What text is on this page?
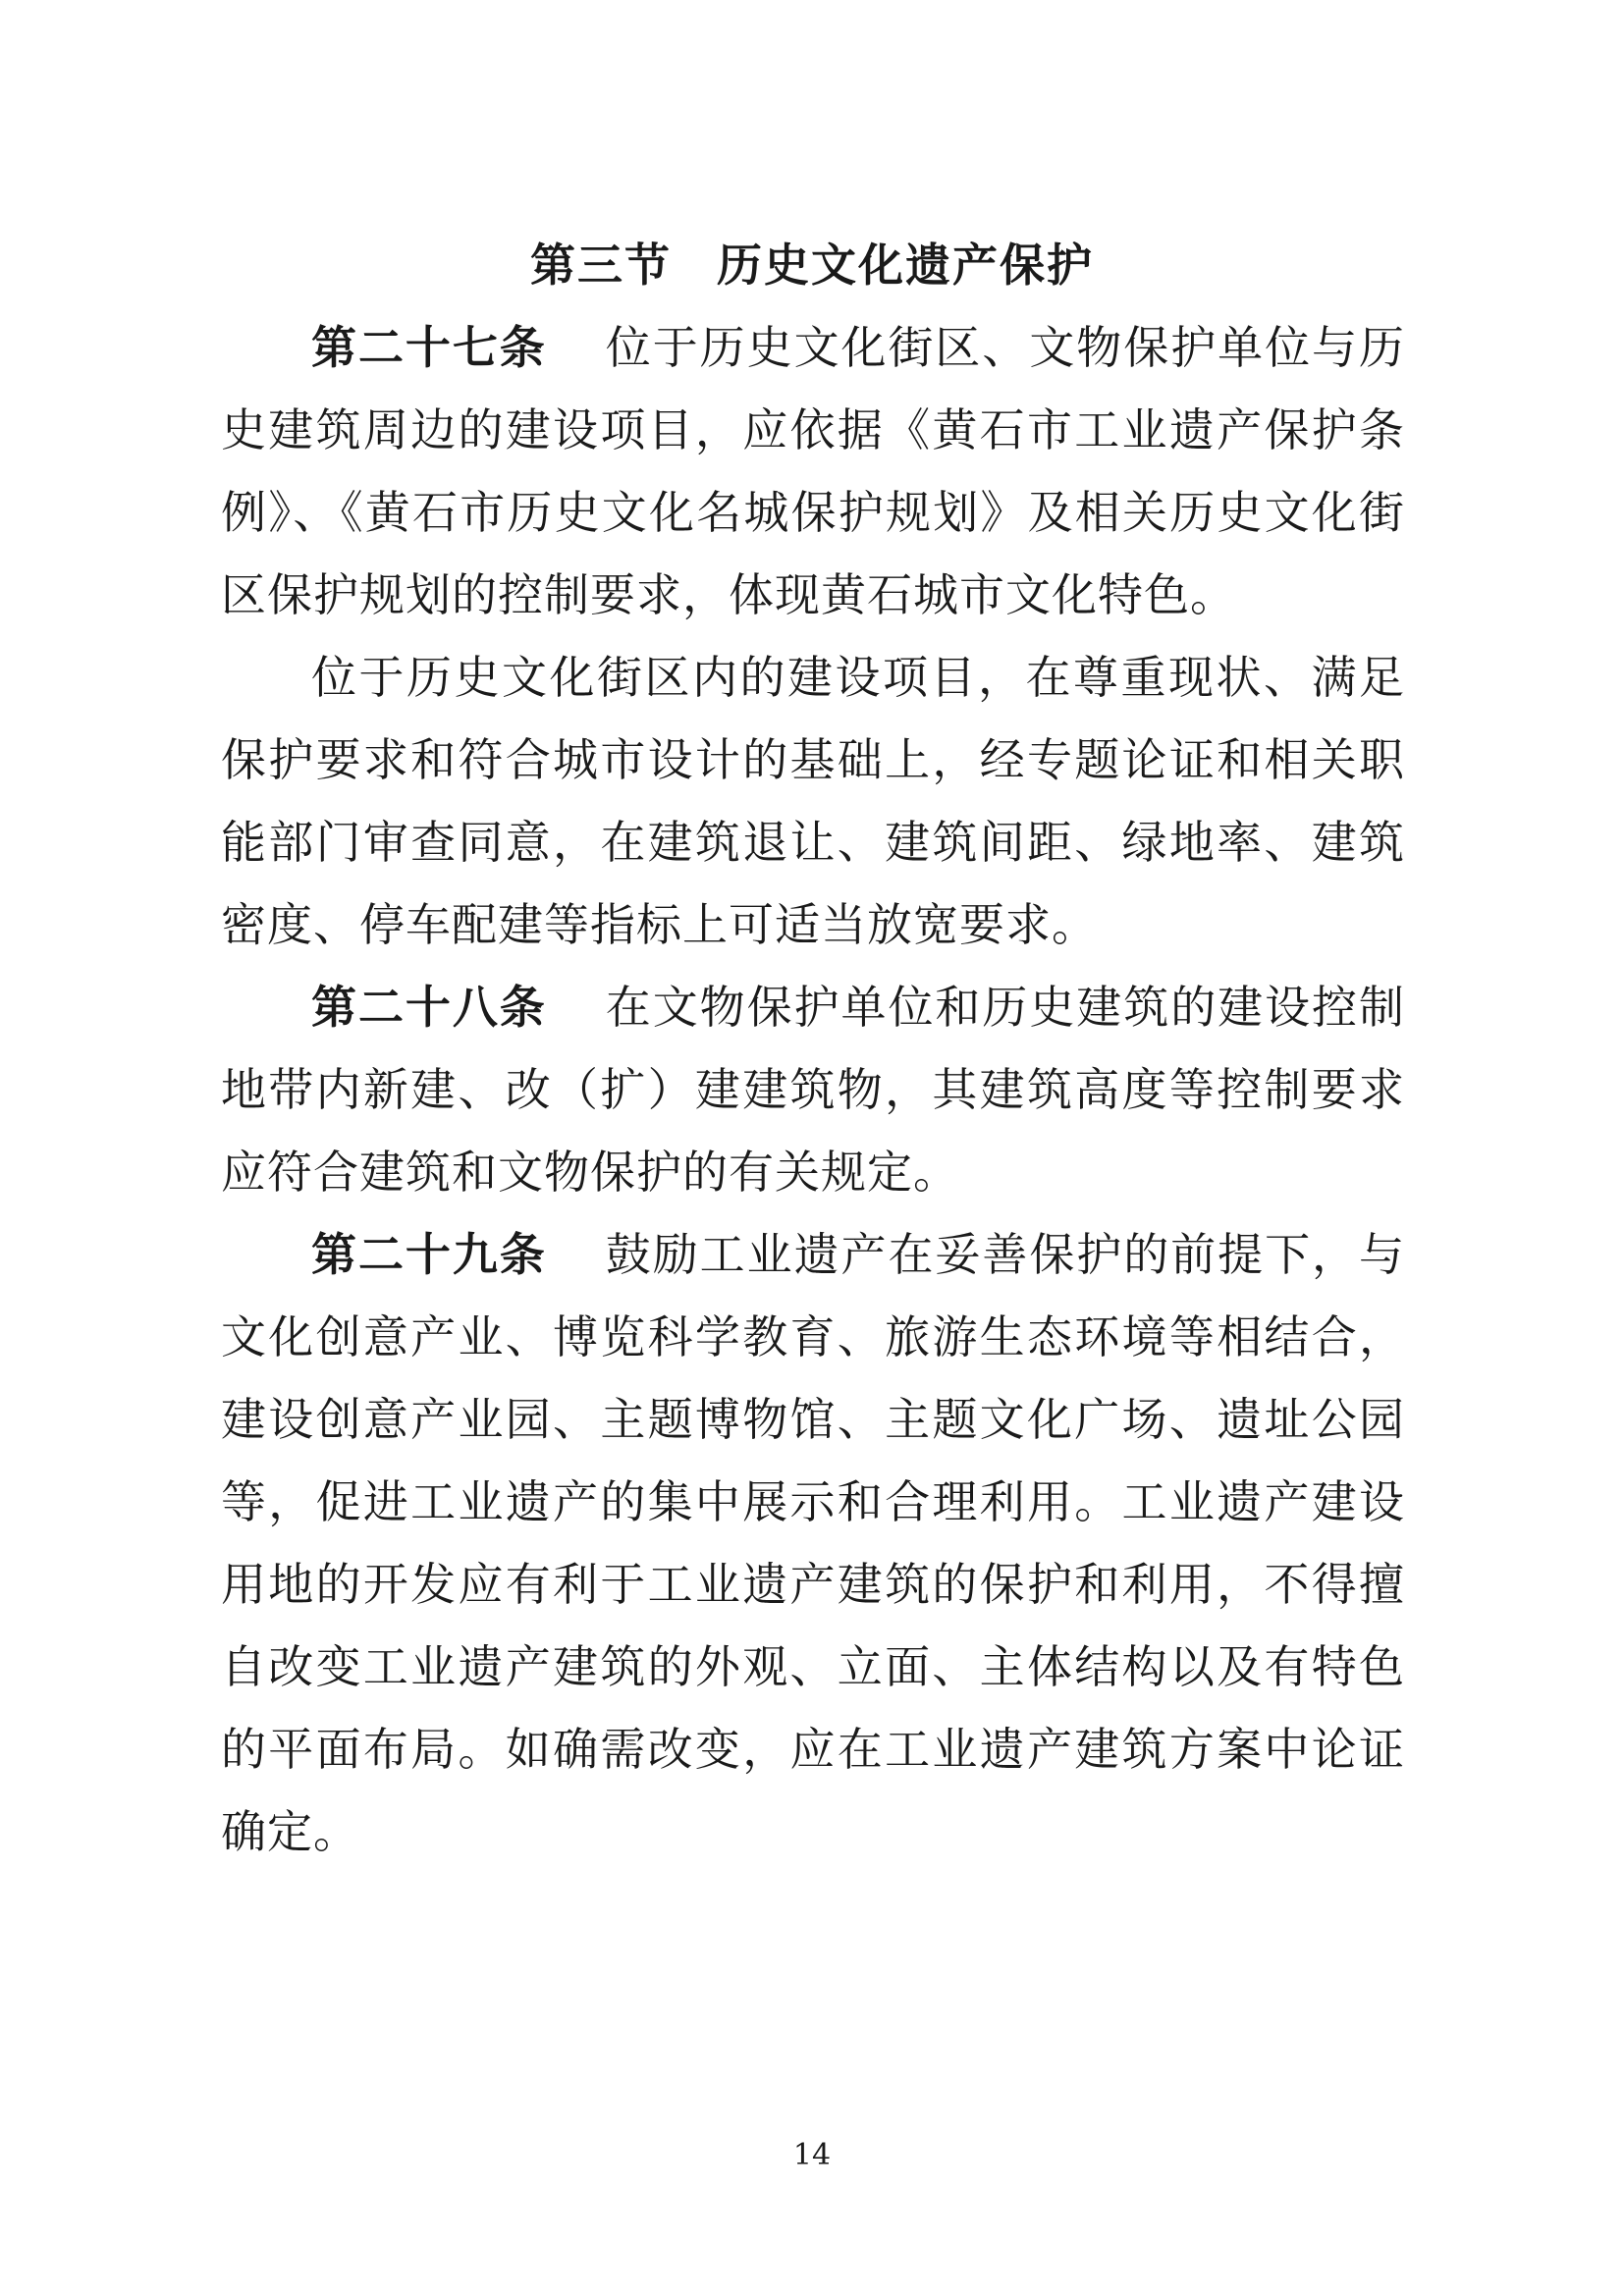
第三节 历史文化遗产保护

第二十七条 位于历史文化街区、文物保护单位与历史建筑周边的建设项目，应依据《黄石市工业遗产保护条例》、《黄石市历史文化名城保护规划》及相关历史文化街区保护规划的控制要求，体现黄石城市文化特色。

位于历史文化街区内的建设项目，在尊重现状、满足保护要求和符合城市设计的基础上，经专题论证和相关职能部门审查同意，在建筑退让、建筑间距、绿地率、建筑密度、停车配建等指标上可适当放宽要求。

第二十八条 在文物保护单位和历史建筑的建设控制地带内新建、改（扩）建建筑物，其建筑高度等控制要求应符合建筑和文物保护的有关规定。

第二十九条 鼓励工业遗产在妥善保护的前提下，与文化创意产业、博览科学教育、旅游生态环境等相结合，建设创意产业园、主题博物馆、主题文化广场、遗址公园等，促进工业遗产的集中展示和合理利用。工业遗产建设用地的开发应有利于工业遗产建筑的保护和利用，不得擅自改变工业遗产建筑的外观、立面、主体结构以及有特色的平面布局。如确需改变，应在工业遗产建筑方案中论证确定。

14
